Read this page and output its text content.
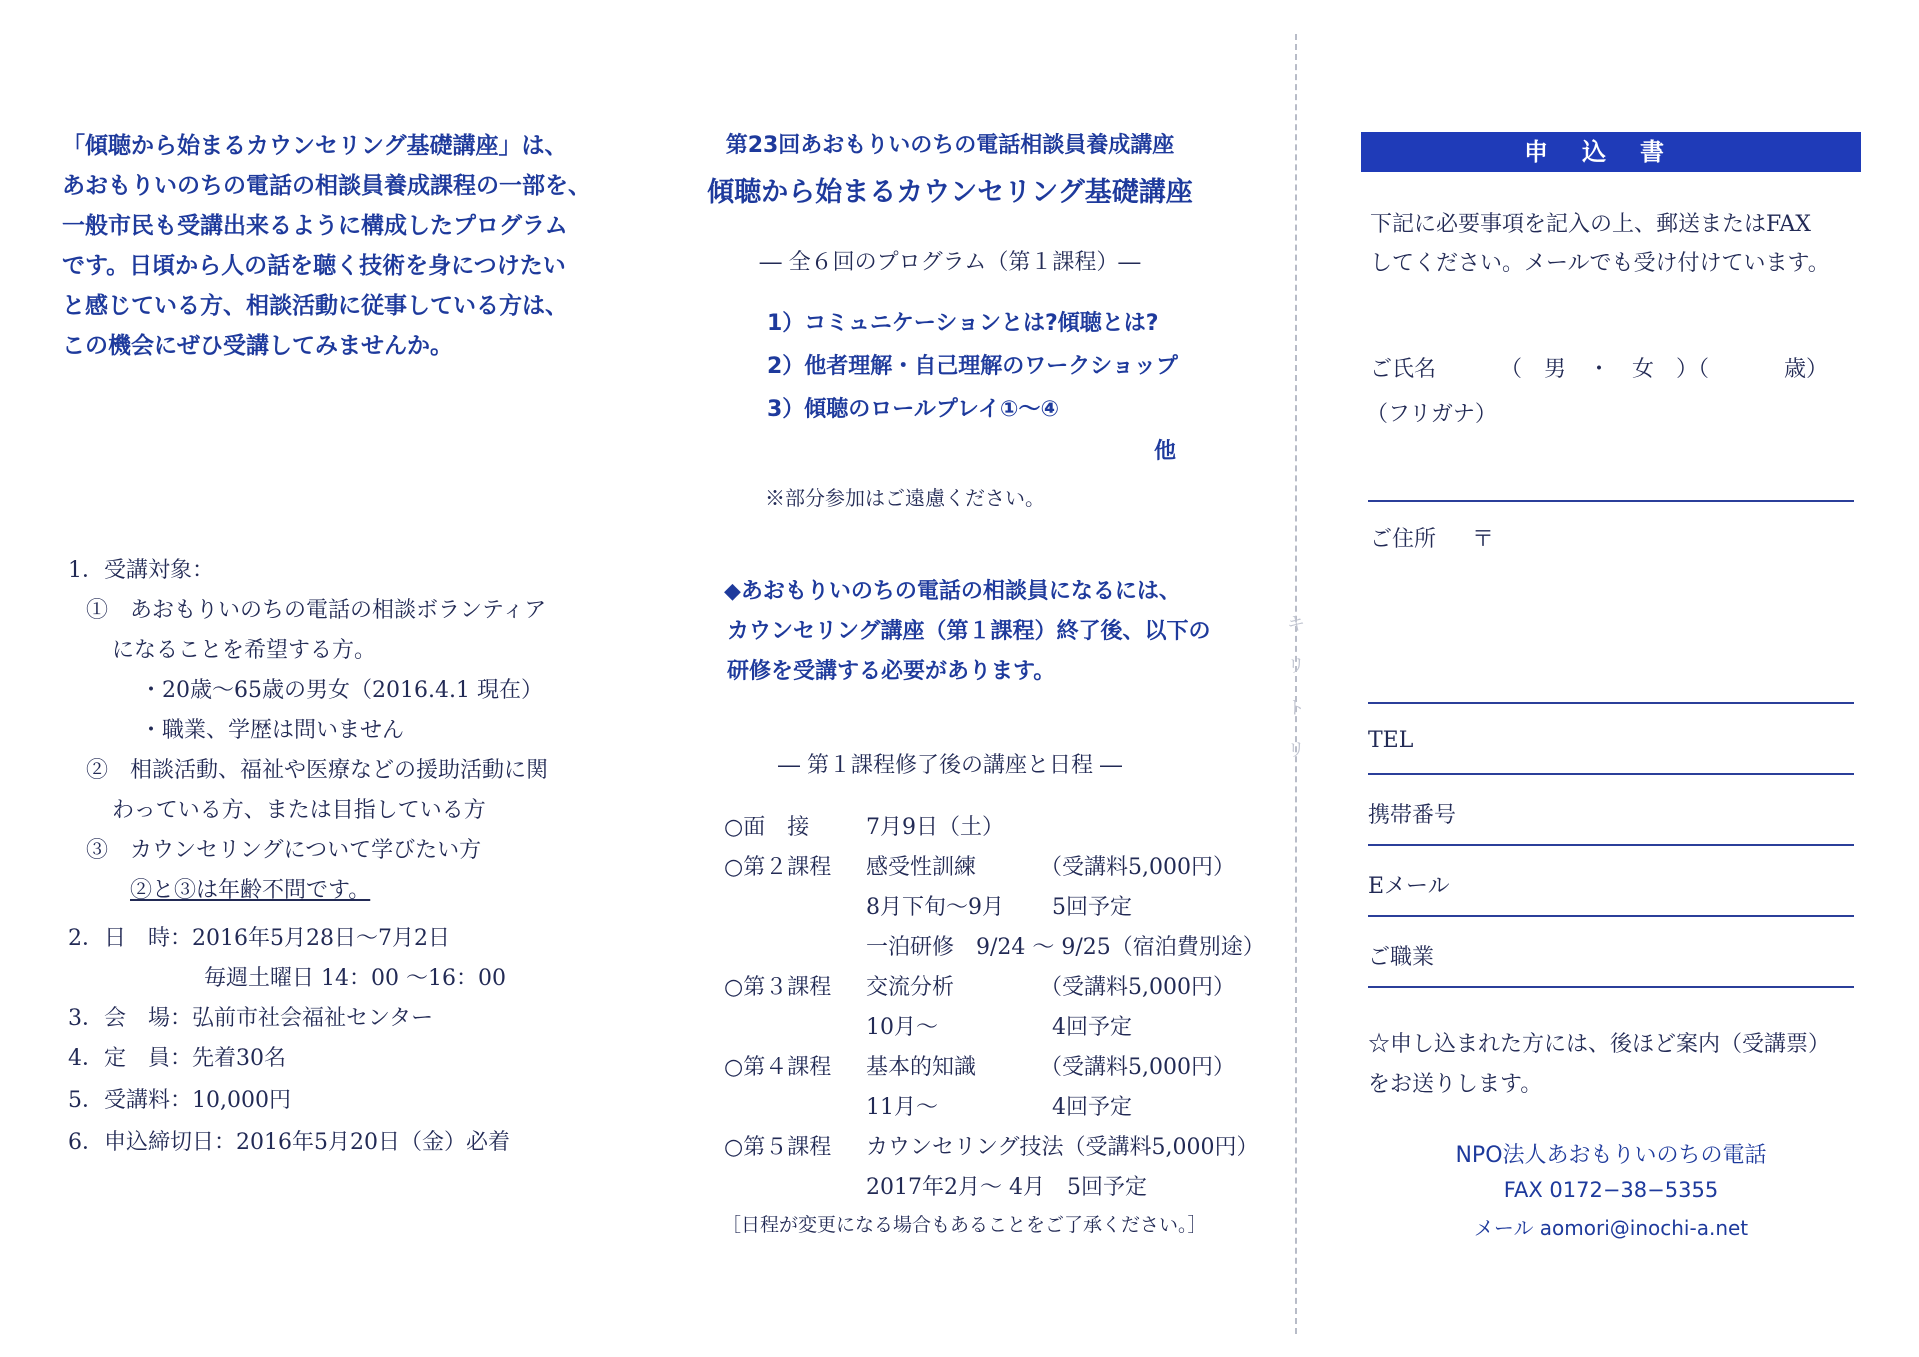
「傾聴から始まるカウンセリング基礎講座」は、
あおもりいのちの電話の相談員養成課程の一部を、
一般市民も受講出来るように構成したプログラム
です。日頃から人の話を聴く技術を身につけたい
と感じている方、相談活動に従事している方は、
この機会にぜひ受講してみませんか。
1．受講対象：
①　あおもりいのちの電話の相談ボランティア
になることを希望する方。
・20歳～65歳の男女（2016.4.1 現在）
・職業、学歴は問いません
②　相談活動、福祉や医療などの援助活動に関
わっている方、または目指している方
③　カウンセリングについて学びたい方
②と③は年齢不問です。
2．日　時：2016年5月28日～7月2日
毎週土曜日 14：00 ～16：00
3．会　場：弘前市社会福祉センター
4．定　員：先着30名
5．受講料：10,000円
6．申込締切日：2016年5月20日（金）必着
第23回あおもりいのちの電話相談員養成講座
傾聴から始まるカウンセリング基礎講座
― 全６回のプログラム（第１課程）―
1）コミュニケーションとは?傾聴とは?
2）他者理解・自己理解のワークショップ
3）傾聴のロールプレイ①～④
他
※部分参加はご遠慮ください。
◆あおもりいのちの電話の相談員になるには、
カウンセリング講座（第１課程）終了後、以下の
研修を受講する必要があります。
― 第１課程修了後の講座と日程 ―
○面　接	7月9日（土）
○第２課程 感受性訓練	（受講料5,000円）
8月下旬～9月 5回予定
一泊研修　9/24 ～ 9/25（宿泊費別途）
○第３課程 交流分析	（受講料5,000円）
10月～	4回予定
○第４課程 基本的知識	（受講料5,000円）
11月～	4回予定
○第５課程 カウンセリング技法（受講料5,000円）
2017年2月～ 4月　5回予定
［日程が変更になる場合もあることをご了承ください。］
キ
リ
ト
リ
申込書
下記に必要事項を記入の上、郵送またはFAX
してください。メールでも受け付けています。
ご氏名	（　男　・　女　）（	歳）
（フリガナ）
ご住所 〒
TEL
携帯番号
Eメール
ご職業
☆申し込まれた方には、後ほど案内（受講票）
をお送りします。
NPO法人あおもりいのちの電話
FAX 0172−38−5355
メール aomori@inochi-a.net
